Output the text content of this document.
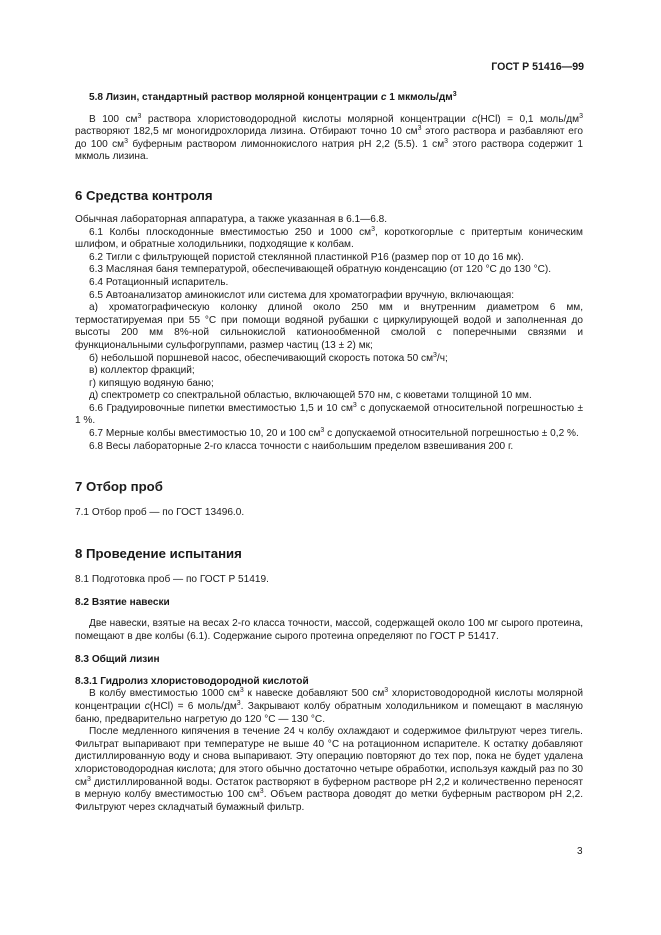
ГОСТ Р 51416—99

5.8 Лизин, стандартный раствор молярной концентрации c 1 мкмоль/$дм^3$

В 100 $см^3$ раствора хлористоводородной кислоты молярной концентрации c(HCl) = 0,1 моль/$дм^3$ растворяют 182,5 мг моногидрохлорида лизина. Отбирают точно 10 $см^3$ этого раствора и разбавляют его до 100 $см^3$ буферным раствором лимоннокислого натрия pH 2,2 (5.5). 1 $см^3$ этого раствора содержит 1 мкмоль лизина.

6 Средства контроля

Обычная лабораторная аппаратура, а также указанная в 6.1—6.8.

6.1 Колбы плоскодонные вместимостью 250 и 1000 $см^3$, короткогорлые с притертым коническим шлифом, и обратные холодильники, подходящие к колбам.

6.2 Тигли с фильтрующей пористой стеклянной пластинкой P16 (размер пор от 10 до 16 мк).

6.3 Масляная баня температурой, обеспечивающей обратную конденсацию (от 120 °C до 130 °C).

6.4 Ротационный испаритель.

6.5 Автоанализатор аминокислот или система для хроматографии вручную, включающая:

а) хроматографическую колонку длиной около 250 мм и внутренним диаметром 6 мм, термостатируемая при 55 °C при помощи водяной рубашки с циркулирующей водой и заполненная до высоты 200 мм 8%-ной сильнокислой катионообменной смолой с поперечными связями и функциональными сульфогруппами, размер частиц (13 ± 2) мк;

б) небольшой поршневой насос, обеспечивающий скорость потока 50 $см^3/ч$;

в) коллектор фракций;

г) кипящую водяную баню;

д) спектрометр со спектральной областью, включающей 570 нм, с кюветами толщиной 10 мм.

6.6 Градуировочные пипетки вместимостью 1,5 и 10 $см^3$ с допускаемой относительной погрешностью ± 1 %.

6.7 Мерные колбы вместимостью 10, 20 и 100 $см^3$ с допускаемой относительной погрешностью ± 0,2 %.

6.8 Весы лабораторные 2-го класса точности с наибольшим пределом взвешивания 200 г.

7 Отбор проб

7.1 Отбор проб — по ГОСТ 13496.0.

8 Проведение испытания

8.1 Подготовка проб — по ГОСТ Р 51419.

8.2 Взятие навески

Две навески, взятые на весах 2-го класса точности, массой, содержащей около 100 мг сырого протеина, помещают в две колбы (6.1). Содержание сырого протеина определяют по ГОСТ Р 51417.

8.3 Общий лизин

8.3.1 Гидролиз хлористоводородной кислотой

В колбу вместимостью 1000 $см^3$ к навеске добавляют 500 $см^3$ хлористоводородной кислоты молярной концентрации c(HCl) = 6 моль/$дм^3$. Закрывают колбу обратным холодильником и помещают в масляную баню, предварительно нагретую до 120 °C — 130 °C.

После медленного кипячения в течение 24 ч колбу охлаждают и содержимое фильтруют через тигель. Фильтрат выпаривают при температуре не выше 40 °C на ротационном испарителе. К остатку добавляют дистиллированную воду и снова выпаривают. Эту операцию повторяют до тех пор, пока не будет удалена хлористоводородная кислота; для этого обычно достаточно четыре обработки, используя каждый раз по 30 $см^3$ дистиллированной воды. Остаток растворяют в буферном растворе pH 2,2 и количественно переносят в мерную колбу вместимостью 100 $см^3$. Объем раствора доводят до метки буферным раствором pH 2,2. Фильтруют через складчатый бумажный фильтр.

3
